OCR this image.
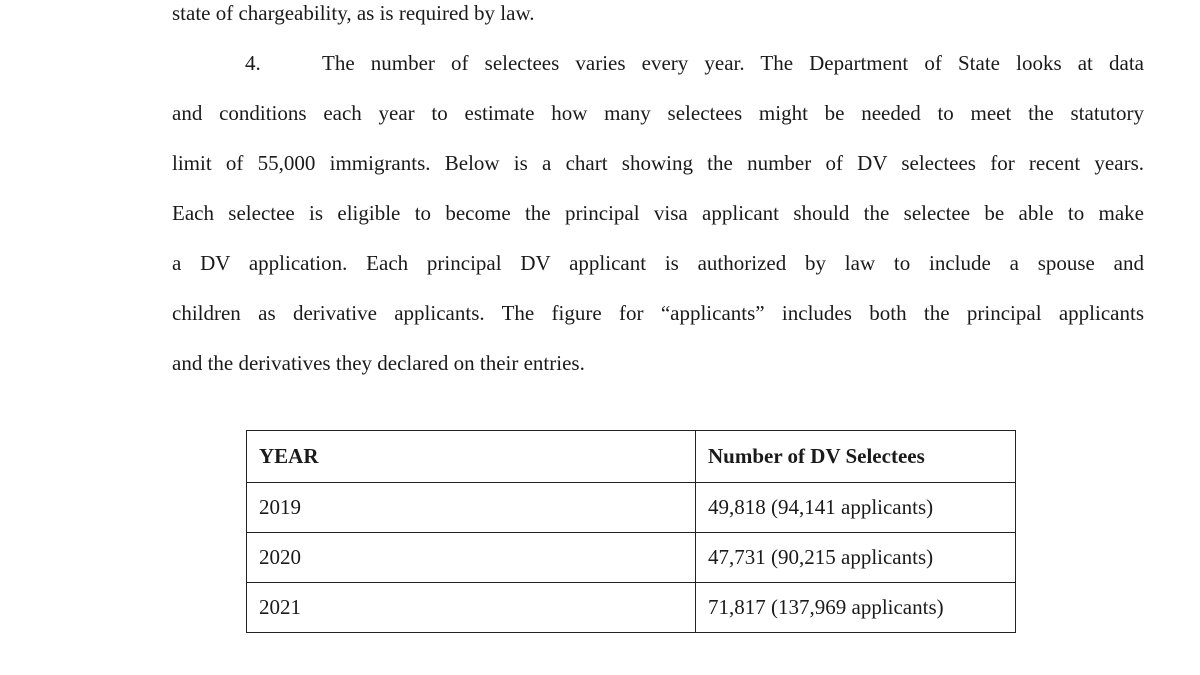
state of chargeability, as is required by law.
4.	The number of selectees varies every year. The Department of State looks at data
and conditions each year to estimate how many selectees might be needed to meet the statutory
limit of 55,000 immigrants. Below is a chart showing the number of DV selectees for recent years.
Each selectee is eligible to become the principal visa applicant should the selectee be able to make
a DV application. Each principal DV applicant is authorized by law to include a spouse and
children as derivative applicants. The figure for “applicants” includes both the principal applicants
and the derivatives they declared on their entries.
YEAR	Number of DV Selectees
2019	49,818 (94,141 applicants)
2020	47,731 (90,215 applicants)
2021	71,817 (137,969 applicants)
